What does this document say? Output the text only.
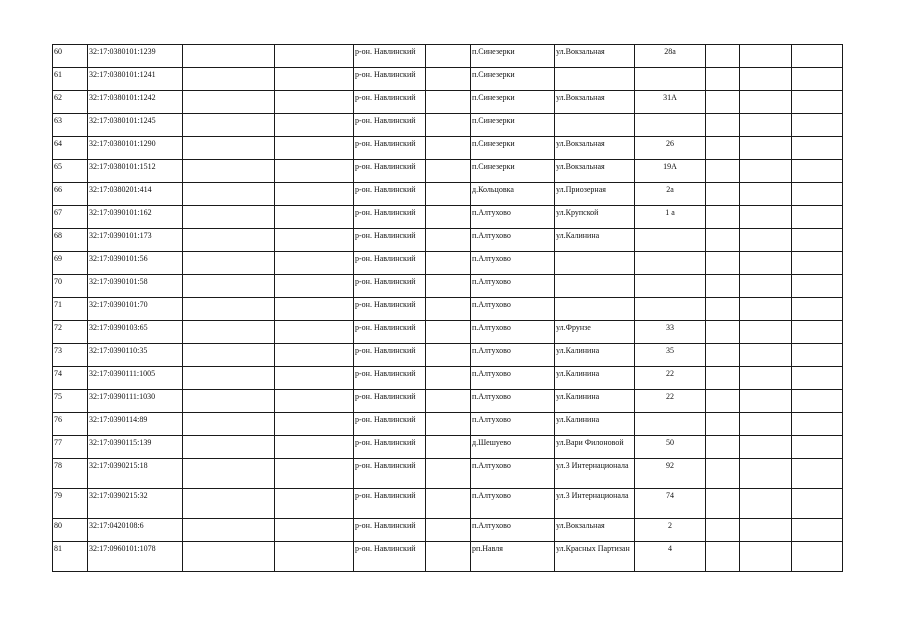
60	32:17:0380101:1239			р-он. Навлинский		п.Синезерки	ул.Вокзальная	28а			
61	32:17:0380101:1241			р-он. Навлинский		п.Синезерки					
62	32:17:0380101:1242			р-он. Навлинский		п.Синезерки	ул.Вокзальная	31А			
63	32:17:0380101:1245			р-он. Навлинский		п.Синезерки					
64	32:17:0380101:1290			р-он. Навлинский		п.Синезерки	ул.Вокзальная	26			
65	32:17:0380101:1512			р-он. Навлинский		п.Синезерки	ул.Вокзальная	19А			
66	32:17:0380201:414			р-он. Навлинский		д.Кольцовка	ул.Приозерная	2а			
67	32:17:0390101:162			р-он. Навлинский		п.Алтухово	ул.Крупской	1 а			
68	32:17:0390101:173			р-он. Навлинский		п.Алтухово	ул.Калинина				
69	32:17:0390101:56			р-он. Навлинский		п.Алтухово					
70	32:17:0390101:58			р-он. Навлинский		п.Алтухово					
71	32:17:0390101:70			р-он. Навлинский		п.Алтухово					
72	32:17:0390103:65			р-он. Навлинский		п.Алтухово	ул.Фрунзе	33			
73	32:17:0390110:35			р-он. Навлинский		п.Алтухово	ул.Калинина	35			
74	32:17:0390111:1005			р-он. Навлинский		п.Алтухово	ул.Калинина	22			
75	32:17:0390111:1030			р-он. Навлинский		п.Алтухово	ул.Калинина	22			
76	32:17:0390114:89			р-он. Навлинский		п.Алтухово	ул.Калинина				
77	32:17:0390115:139			р-он. Навлинский		д.Шешуево	ул.Вари Филоновой	50			
78	32:17:0390215:18			р-он. Навлинский		п.Алтухово	ул.3 Интернационала	92			
79	32:17:0390215:32			р-он. Навлинский		п.Алтухово	ул.3 Интернационала	74			
80	32:17:0420108:6			р-он. Навлинский		п.Алтухово	ул.Вокзальная	2			
81	32:17:0960101:1078			р-он. Навлинский		рп.Навля	ул.Красных Партизан	4			
